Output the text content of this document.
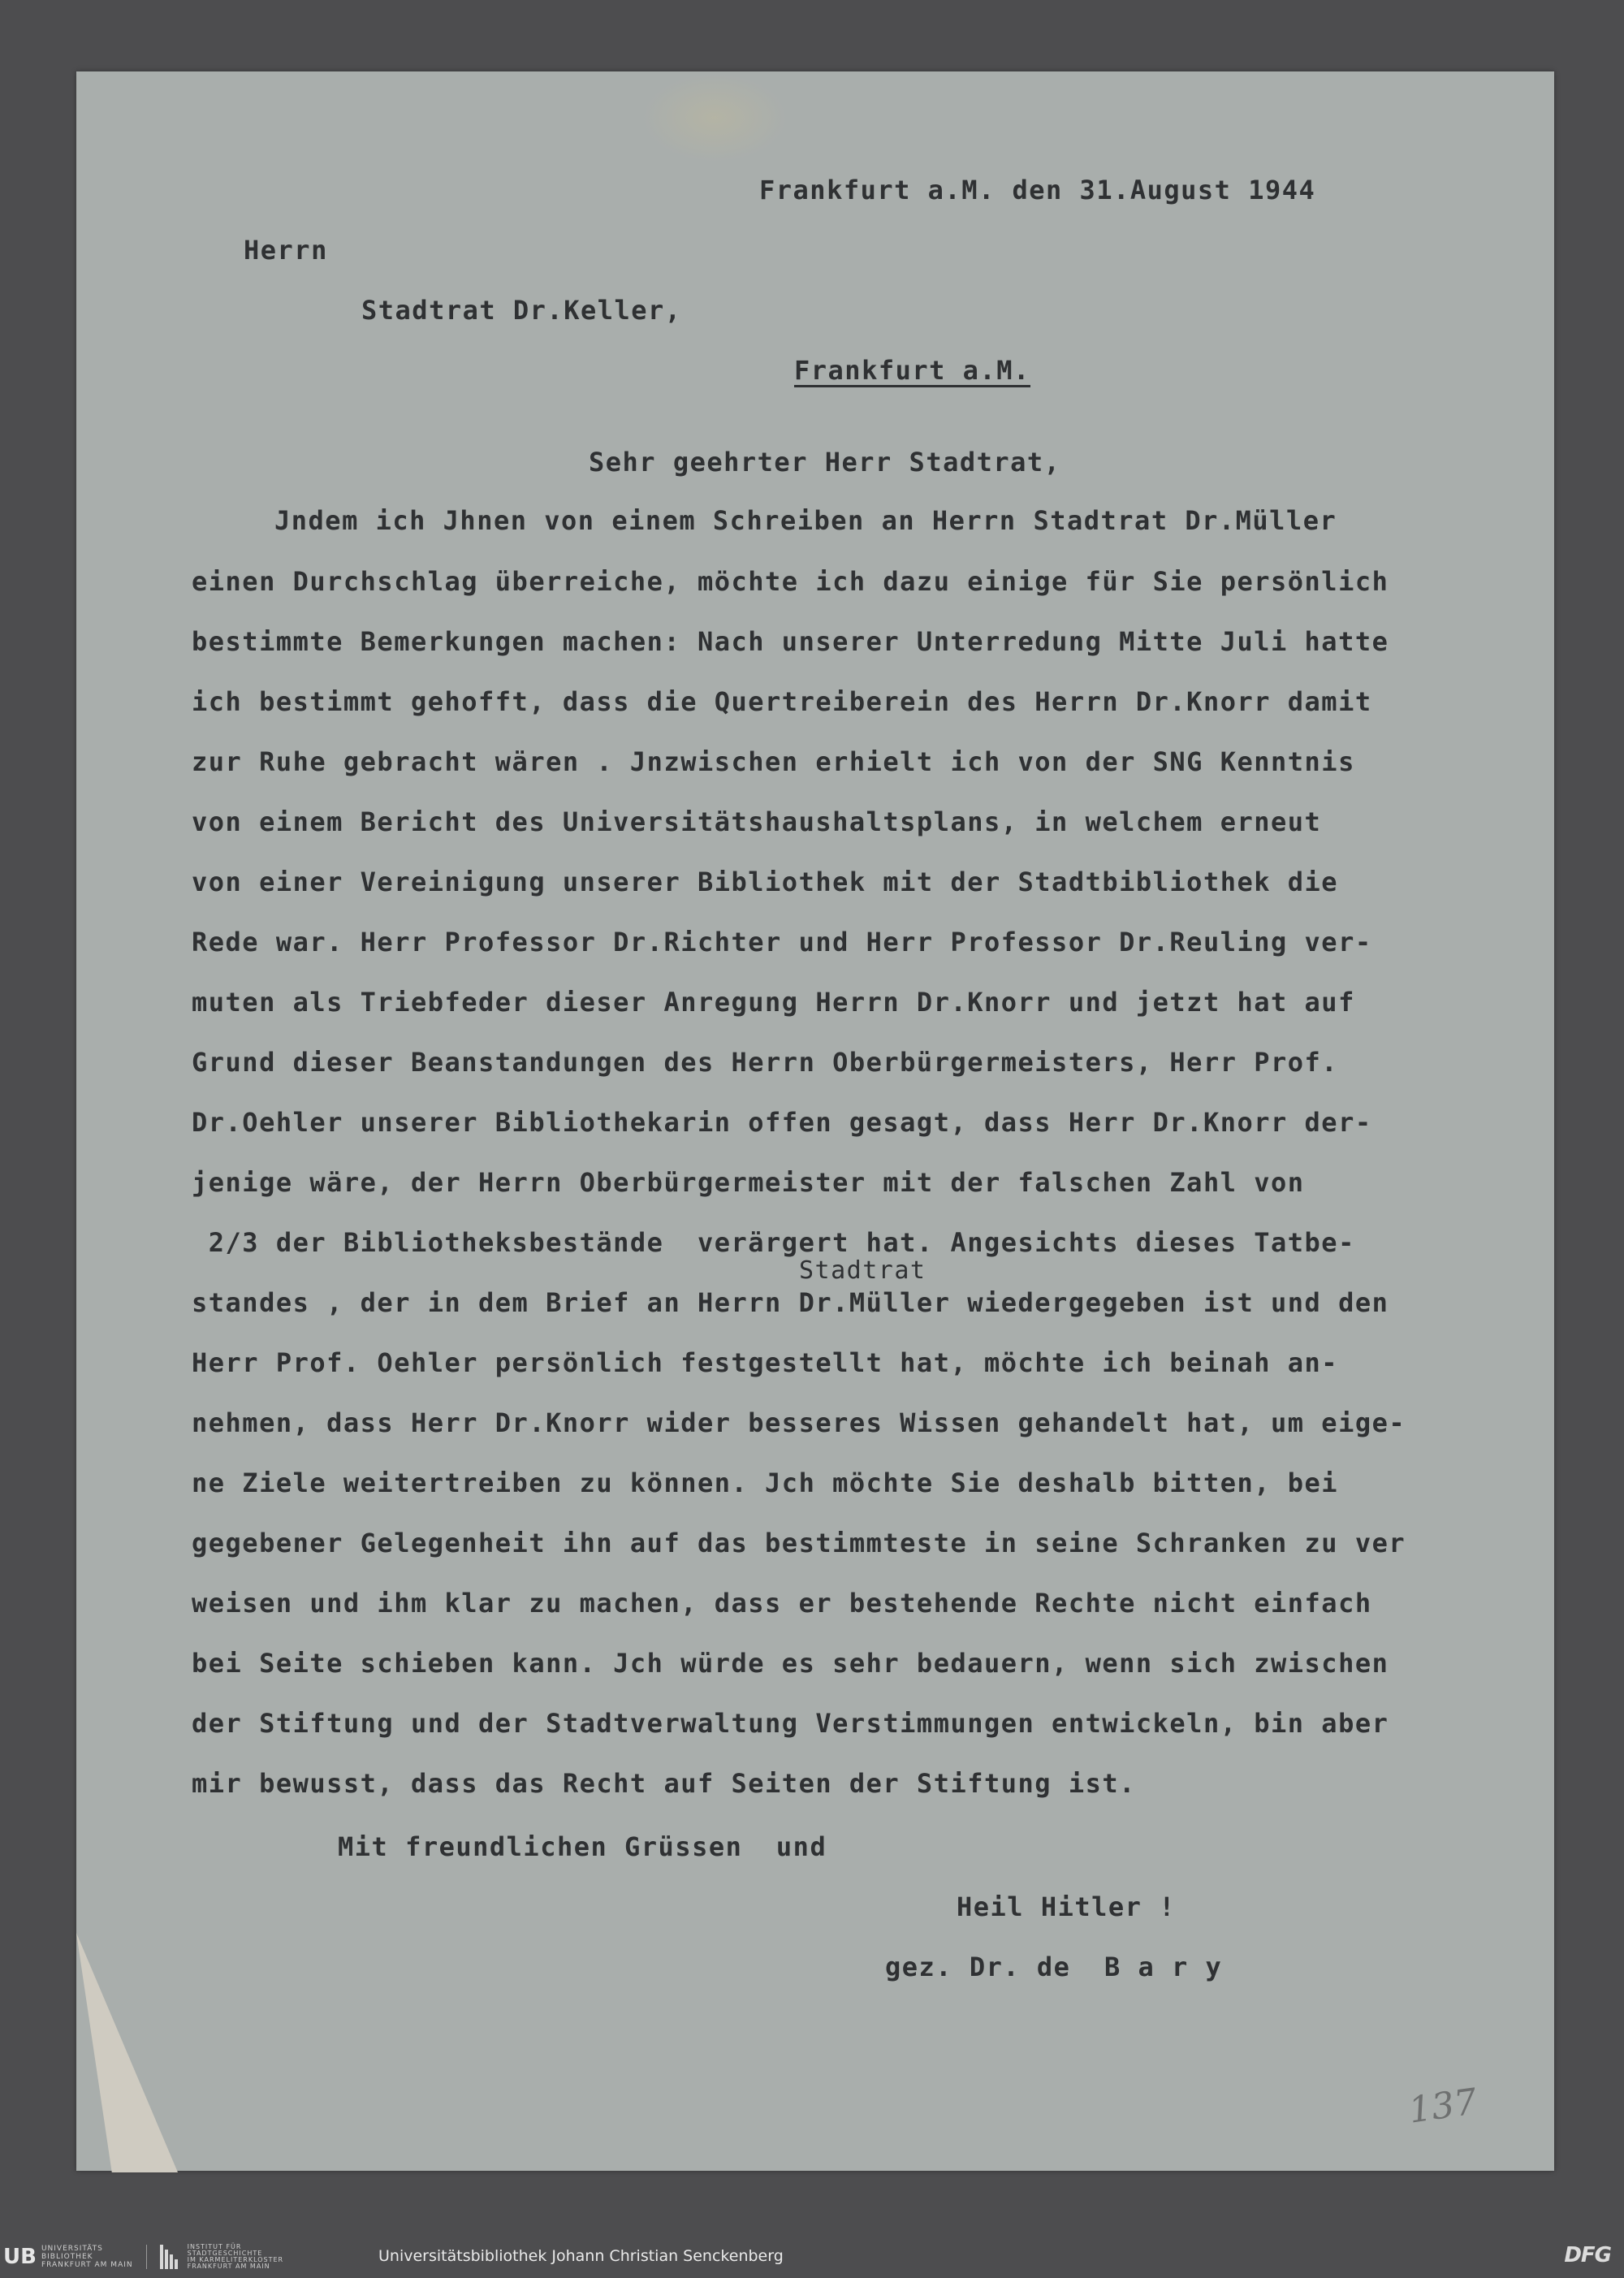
Frankfurt a.M. den 31.August 1944
Herrn
Stadtrat Dr.Keller,
Frankfurt a.M.
Sehr geehrter Herr Stadtrat,
Jndem ich Jhnen von einem Schreiben an Herrn Stadtrat Dr.Müller
einen Durchschlag überreiche, möchte ich dazu einige für Sie persönlich
bestimmte Bemerkungen machen: Nach unserer Unterredung Mitte Juli hatte
ich bestimmt gehofft, dass die Quertreiberein des Herrn Dr.Knorr damit
zur Ruhe gebracht wären . Jnzwischen erhielt ich von der SNG Kenntnis
von einem Bericht des Universitätshaushaltsplans, in welchem erneut
von einer Vereinigung unserer Bibliothek mit der Stadtbibliothek die
Rede war. Herr Professor Dr.Richter und Herr Professor Dr.Reuling ver-
muten als Triebfeder dieser Anregung Herrn Dr.Knorr und jetzt hat auf
Grund dieser Beanstandungen des Herrn Oberbürgermeisters, Herr Prof.
Dr.Oehler unserer Bibliothekarin offen gesagt, dass Herr Dr.Knorr der-
jenige wäre, der Herrn Oberbürgermeister mit der falschen Zahl von
2/3 der Bibliotheksbestände  verärgert hat. Angesichts dieses Tatbe-
Stadtrat
standes , der in dem Brief an Herrn Dr.Müller wiedergegeben ist und den
Herr Prof. Oehler persönlich festgestellt hat, möchte ich beinah an-
nehmen, dass Herr Dr.Knorr wider besseres Wissen gehandelt hat, um eige-
ne Ziele weitertreiben zu können. Jch möchte Sie deshalb bitten, bei
gegebener Gelegenheit ihn auf das bestimmteste in seine Schranken zu ver
weisen und ihm klar zu machen, dass er bestehende Rechte nicht einfach
bei Seite schieben kann. Jch würde es sehr bedauern, wenn sich zwischen
der Stiftung und der Stadtverwaltung Verstimmungen entwickeln, bin aber
mir bewusst, dass das Recht auf Seiten der Stiftung ist.
Mit freundlichen Grüssen  und
Heil Hitler !
gez. Dr. de  B a r y
137
UB UNIVERSITÄTS
BIBLIOTHEK
FRANKFURT AM MAIN
INSTITUT FÜR
STADTGESCHICHTE
IM KARMELITERKLOSTER
FRANKFURT AM MAIN
Universitätsbibliothek Johann Christian Senckenberg	DFG
